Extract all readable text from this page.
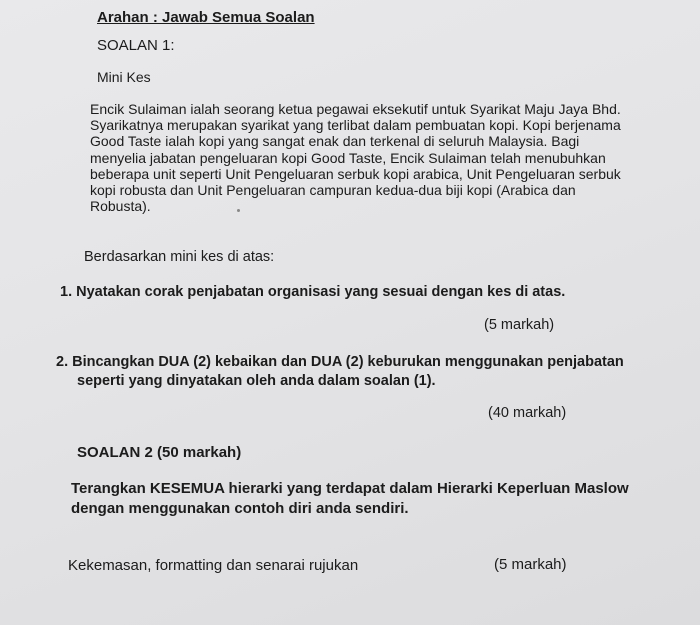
Arahan : Jawab Semua Soalan
SOALAN 1:
Mini Kes
Encik Sulaiman ialah seorang ketua pegawai eksekutif untuk Syarikat Maju Jaya Bhd.
Syarikatnya merupakan syarikat yang terlibat dalam pembuatan kopi. Kopi berjenama
Good Taste ialah kopi yang sangat enak dan terkenal di seluruh Malaysia. Bagi
menyelia jabatan pengeluaran kopi Good Taste, Encik Sulaiman telah menubuhkan
beberapa unit seperti Unit Pengeluaran serbuk kopi arabica, Unit Pengeluaran serbuk
kopi robusta dan Unit Pengeluaran campuran kedua-dua biji kopi (Arabica dan
Robusta).
Berdasarkan mini kes di atas:
1. Nyatakan corak penjabatan organisasi yang sesuai dengan kes di atas.
(5 markah)
2. Bincangkan DUA (2) kebaikan dan DUA (2) keburukan menggunakan penjabatan
seperti yang dinyatakan oleh anda dalam soalan (1).
(40 markah)
SOALAN 2 (50 markah)
Terangkan KESEMUA hierarki yang terdapat dalam Hierarki Keperluan Maslow
dengan menggunakan contoh diri anda sendiri.
Kekemasan, formatting dan senarai rujukan	(5 markah)
